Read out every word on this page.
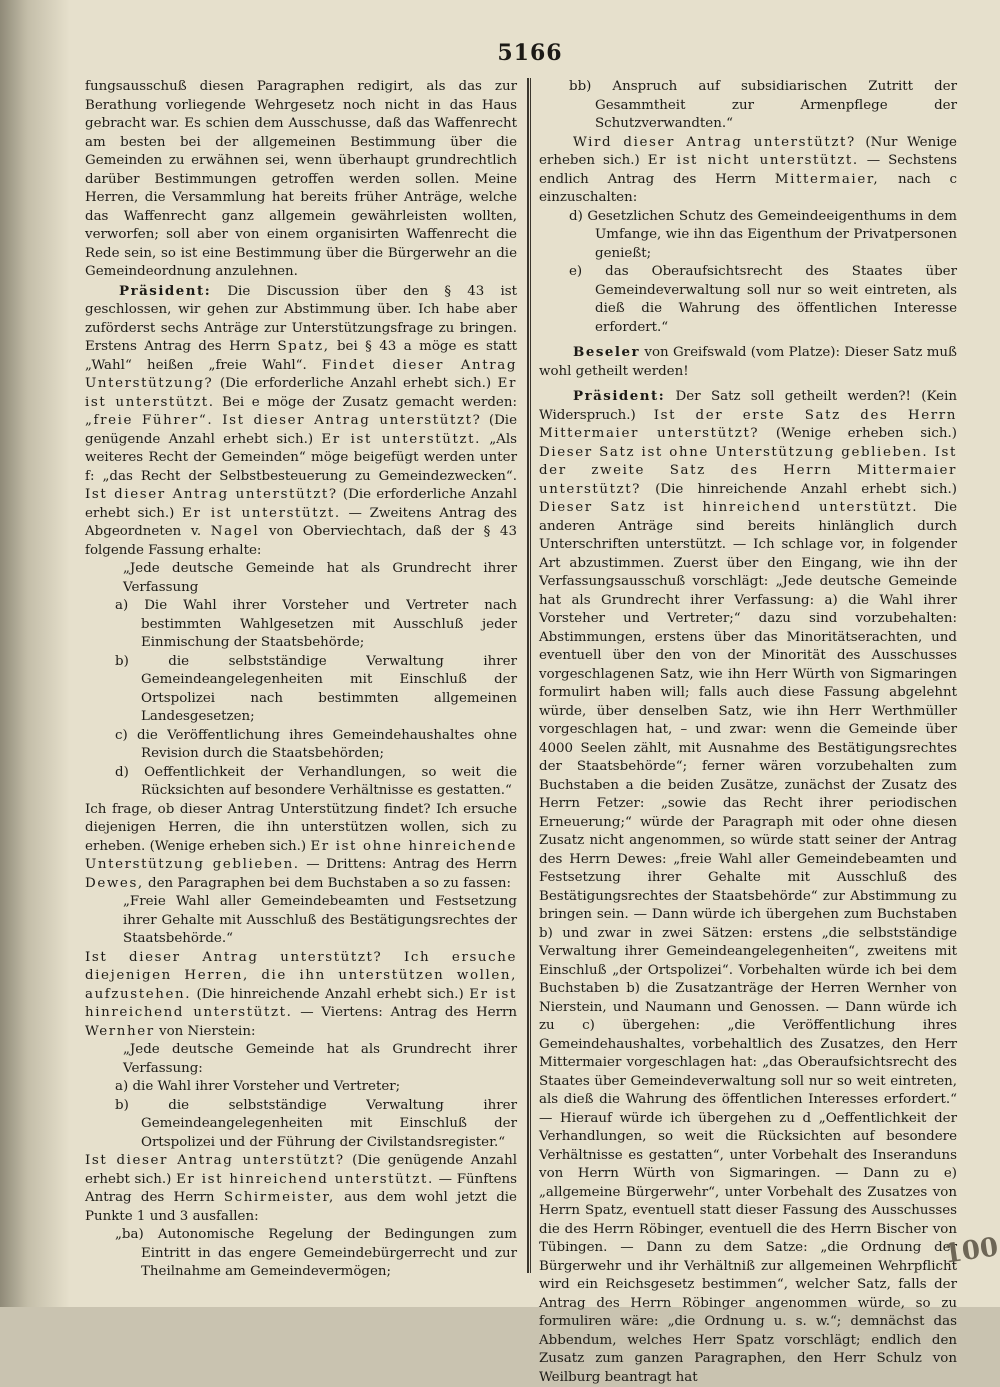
5166

fungsausschuß diesen Paragraphen redigirt, als das zur Berathung vorliegende Wehrgesetz noch nicht in das Haus gebracht war. Es schien dem Ausschusse, daß das Waffenrecht am besten bei der allgemeinen Bestimmung über die Gemeinden zu erwähnen sei, wenn überhaupt grundrechtlich darüber Bestimmungen getroffen werden sollen. Meine Herren, die Versammlung hat bereits früher Anträge, welche das Waffenrecht ganz allgemein gewährleisten wollten, verworfen; soll aber von einem organisirten Waffenrecht die Rede sein, so ist eine Bestimmung über die Bürgerwehr an die Gemeindeordnung anzulehnen.

Präsident: Die Discussion über den § 43 ist geschlossen, wir gehen zur Abstimmung über. Ich habe aber zuförderst sechs Anträge zur Unterstützungsfrage zu bringen. Erstens Antrag des Herrn Spatz, bei § 43 a möge es statt „Wahl“ heißen „freie Wahl“. Findet dieser Antrag Unterstützung? (Die erforderliche Anzahl erhebt sich.) Er ist unterstützt. Bei e möge der Zusatz gemacht werden: „freie Führer“. Ist dieser Antrag unterstützt? (Die genügende Anzahl erhebt sich.) Er ist unterstützt. „Als weiteres Recht der Gemeinden“ möge beigefügt werden unter f: „das Recht der Selbstbesteuerung zu Gemeindezwecken“. Ist dieser Antrag unterstützt? (Die erforderliche Anzahl erhebt sich.) Er ist unterstützt. — Zweitens Antrag des Abgeordneten v. Nagel von Oberviechtach, daß der § 43 folgende Fassung erhalte:

„Jede deutsche Gemeinde hat als Grundrecht ihrer Verfassung

a) Die Wahl ihrer Vorsteher und Vertreter nach bestimmten Wahlgesetzen mit Ausschluß jeder Einmischung der Staatsbehörde;

b) die selbstständige Verwaltung ihrer Gemeindeangelegenheiten mit Einschluß der Ortspolizei nach bestimmten allgemeinen Landesgesetzen;

c) die Veröffentlichung ihres Gemeindehaushaltes ohne Revision durch die Staatsbehörden;

d) Oeffentlichkeit der Verhandlungen, so weit die Rücksichten auf besondere Verhältnisse es gestatten.“

Ich frage, ob dieser Antrag Unterstützung findet? Ich ersuche diejenigen Herren, die ihn unterstützen wollen, sich zu erheben. (Wenige erheben sich.) Er ist ohne hinreichende Unterstützung geblieben. — Drittens: Antrag des Herrn Dewes, den Paragraphen bei dem Buchstaben a so zu fassen:

„Freie Wahl aller Gemeindebeamten und Festsetzung ihrer Gehalte mit Ausschluß des Bestätigungsrechtes der Staatsbehörde.“

Ist dieser Antrag unterstützt? Ich ersuche diejenigen Herren, die ihn unterstützen wollen, aufzustehen. (Die hinreichende Anzahl erhebt sich.) Er ist hinreichend unterstützt. — Viertens: Antrag des Herrn Wernher von Nierstein:

„Jede deutsche Gemeinde hat als Grundrecht ihrer Verfassung:

a) die Wahl ihrer Vorsteher und Vertreter;

b) die selbstständige Verwaltung ihrer Gemeindeangelegenheiten mit Einschluß der Ortspolizei und der Führung der Civilstandsregister.“

Ist dieser Antrag unterstützt? (Die genügende Anzahl erhebt sich.) Er ist hinreichend unterstützt. — Fünftens Antrag des Herrn Schirmeister, aus dem wohl jetzt die Punkte 1 und 3 ausfallen:

„ba) Autonomische Regelung der Bedingungen zum Eintritt in das engere Gemeindebürgerrecht und zur Theilnahme am Gemeindevermögen;

bb) Anspruch auf subsidiarischen Zutritt der Gesammtheit zur Armenpflege der Schutzverwandten.“

Wird dieser Antrag unterstützt? (Nur Wenige erheben sich.) Er ist nicht unterstützt. — Sechstens endlich Antrag des Herrn Mittermaier, nach c einzuschalten:

d) Gesetzlichen Schutz des Gemeindeeigenthums in dem Umfange, wie ihn das Eigenthum der Privatpersonen genießt;

e) das Oberaufsichtsrecht des Staates über Gemeindeverwaltung soll nur so weit eintreten, als dieß die Wahrung des öffentlichen Interesse erfordert.“

Beseler von Greifswald (vom Platze): Dieser Satz muß wohl getheilt werden!

Präsident: Der Satz soll getheilt werden?! (Kein Widerspruch.) Ist der erste Satz des Herrn Mittermaier unterstützt? (Wenige erheben sich.) Dieser Satz ist ohne Unterstützung geblieben. Ist der zweite Satz des Herrn Mittermaier unterstützt? (Die hinreichende Anzahl erhebt sich.) Dieser Satz ist hinreichend unterstützt. Die anderen Anträge sind bereits hinlänglich durch Unterschriften unterstützt. — Ich schlage vor, in folgender Art abzustimmen. Zuerst über den Eingang, wie ihn der Verfassungsausschuß vorschlägt: „Jede deutsche Gemeinde hat als Grundrecht ihrer Verfassung: a) die Wahl ihrer Vorsteher und Vertreter;“ dazu sind vorzubehalten: Abstimmungen, erstens über das Minoritätserachten, und eventuell über den von der Minorität des Ausschusses vorgeschlagenen Satz, wie ihn Herr Würth von Sigmaringen formulirt haben will; falls auch diese Fassung abgelehnt würde, über denselben Satz, wie ihn Herr Werthmüller vorgeschlagen hat, – und zwar: wenn die Gemeinde über 4000 Seelen zählt, mit Ausnahme des Bestätigungsrechtes der Staatsbehörde“; ferner wären vorzubehalten zum Buchstaben a die beiden Zusätze, zunächst der Zusatz des Herrn Fetzer: „sowie das Recht ihrer periodischen Erneuerung;“ würde der Paragraph mit oder ohne diesen Zusatz nicht angenommen, so würde statt seiner der Antrag des Herrn Dewes: „freie Wahl aller Gemeindebeamten und Festsetzung ihrer Gehalte mit Ausschluß des Bestätigungsrechtes der Staatsbehörde“ zur Abstimmung zu bringen sein. — Dann würde ich übergehen zum Buchstaben b) und zwar in zwei Sätzen: erstens „die selbstständige Verwaltung ihrer Gemeindeangelegenheiten“, zweitens mit Einschluß „der Ortspolizei“. Vorbehalten würde ich bei dem Buchstaben b) die Zusatzanträge der Herren Wernher von Nierstein, und Naumann und Genossen. — Dann würde ich zu c) übergehen: „die Veröffentlichung ihres Gemeindehaushaltes, vorbehaltlich des Zusatzes, den Herr Mittermaier vorgeschlagen hat: „das Oberaufsichtsrecht des Staates über Gemeindeverwaltung soll nur so weit eintreten, als dieß die Wahrung des öffentlichen Interesses erfordert.“ — Hierauf würde ich übergehen zu d „Oeffentlichkeit der Verhandlungen, so weit die Rücksichten auf besondere Verhältnisse es gestatten“, unter Vorbehalt des Inseranduns von Herrn Würth von Sigmaringen. — Dann zu e) „allgemeine Bürgerwehr“, unter Vorbehalt des Zusatzes von Herrn Spatz, eventuell statt dieser Fassung des Ausschusses die des Herrn Röbinger, eventuell die des Herrn Bischer von Tübingen. — Dann zu dem Satze: „die Ordnung der Bürgerwehr und ihr Verhältniß zur allgemeinen Wehrpflicht wird ein Reichsgesetz bestimmen“, welcher Satz, falls der Antrag des Herrn Röbinger angenommen würde, so zu formuliren wäre: „die Ordnung u. s. w.“; demnächst das Abbendum, welches Herr Spatz vorschlägt; endlich den Zusatz zum ganzen Paragraphen, den Herr Schulz von Weilburg beantragt hat

100
